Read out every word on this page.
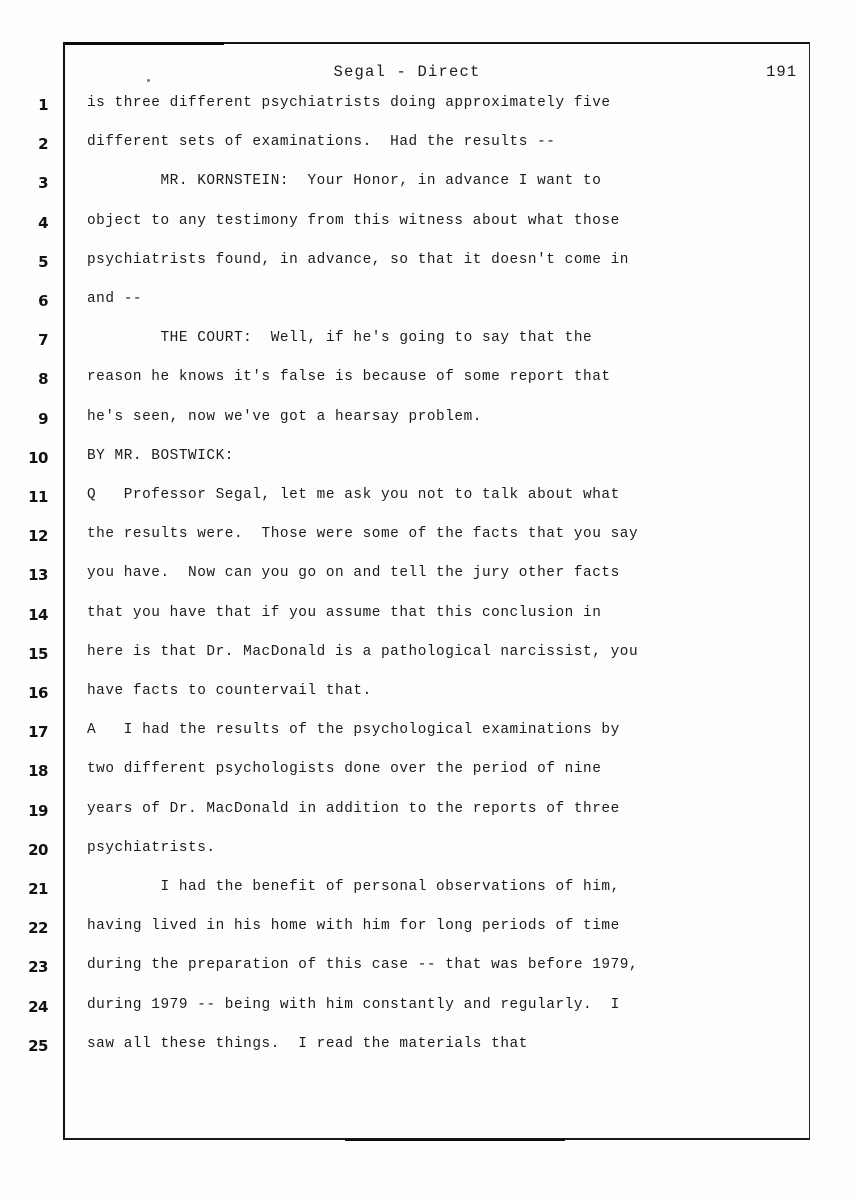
Segal - Direct	191
1
2
3
4
5
6
7
8
9
10
11
12
13
14
15
16
17
18
19
20
21
22
23
24
25
is three different psychiatrists doing approximately five
different sets of examinations.  Had the results --
MR. KORNSTEIN:  Your Honor, in advance I want to
object to any testimony from this witness about what those
psychiatrists found, in advance, so that it doesn't come in
and --
THE COURT:  Well, if he's going to say that the
reason he knows it's false is because of some report that
he's seen, now we've got a hearsay problem.
BY MR. BOSTWICK:
Q   Professor Segal, let me ask you not to talk about what
the results were.  Those were some of the facts that you say
you have.  Now can you go on and tell the jury other facts
that you have that if you assume that this conclusion in
here is that Dr. MacDonald is a pathological narcissist, you
have facts to countervail that.
A   I had the results of the psychological examinations by
two different psychologists done over the period of nine
years of Dr. MacDonald in addition to the reports of three
psychiatrists.
I had the benefit of personal observations of him,
having lived in his home with him for long periods of time
during the preparation of this case -- that was before 1979,
during 1979 -- being with him constantly and regularly.  I
saw all these things.  I read the materials that
